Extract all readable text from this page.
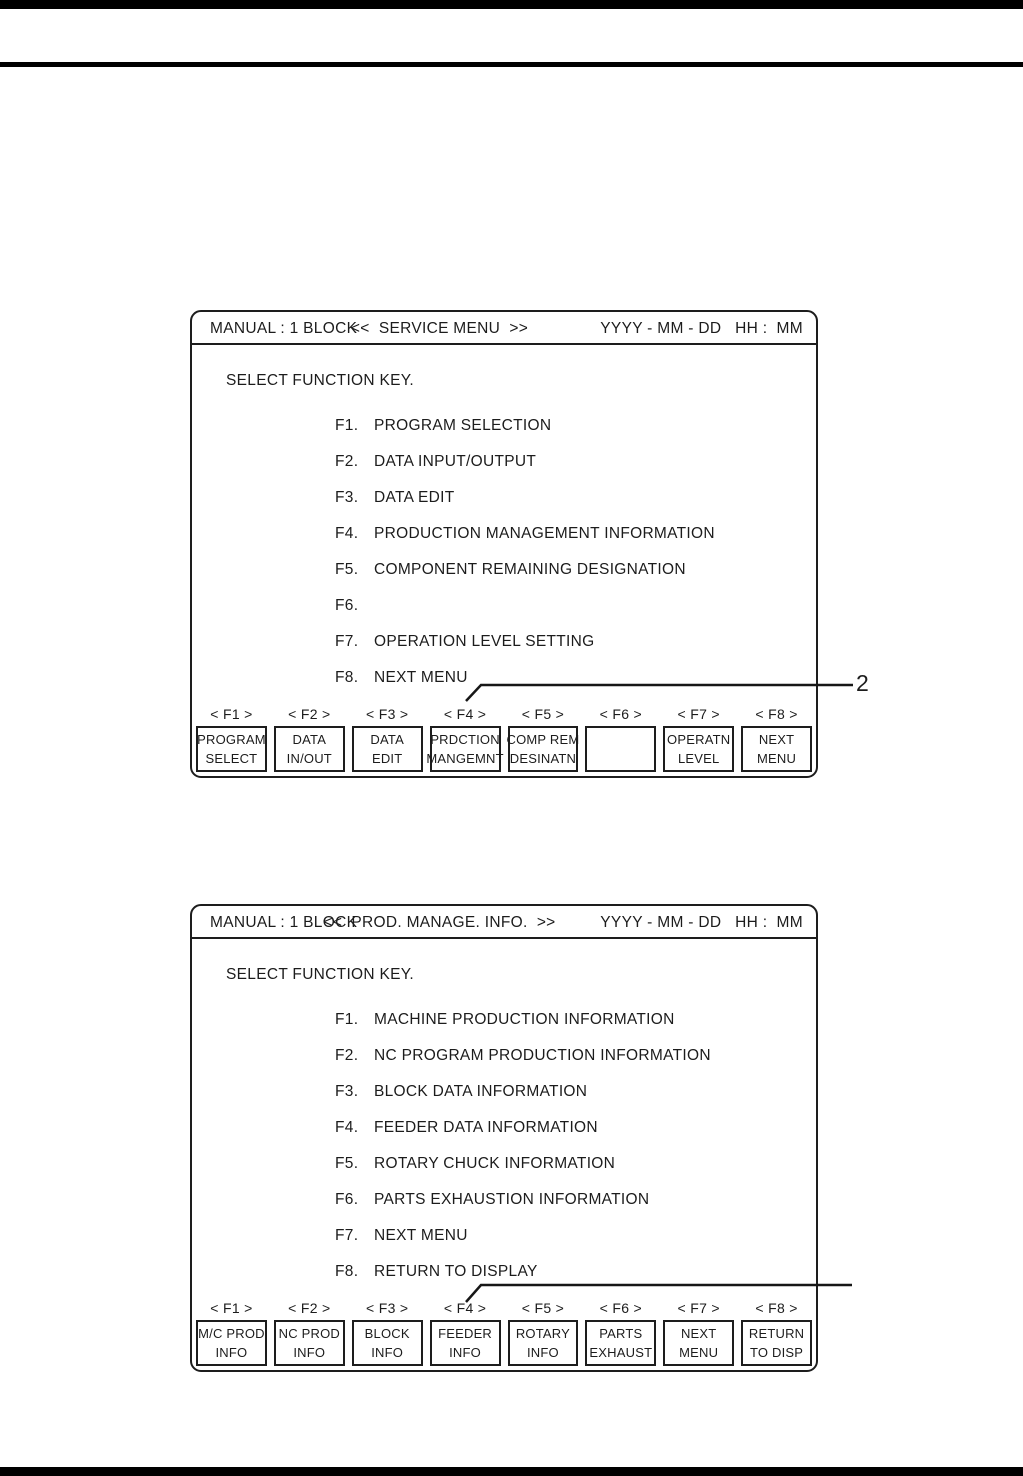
MANUAL : 1 BLOCK
<<  SERVICE MENU  >>	YYYY - MM - DD   HH :  MM
SELECT FUNCTION KEY.
F1.	PROGRAM SELECTION
F2.	DATA INPUT/OUTPUT
F3.	DATA EDIT
F4.	PRODUCTION MANAGEMENT INFORMATION
F5.	COMPONENT REMAINING DESIGNATION
F6.
F7.	OPERATION LEVEL SETTING
F8.	NEXT MENU
< F1 >
PROGRAM
SELECT
< F2 >
DATA
IN/OUT
< F3 >
DATA
EDIT
< F4 >
PRDCTION
MANGEMNT
< F5 >
COMP REM
DESINATN
< F6 >	< F7 >
OPERATN
LEVEL
< F8 >
NEXT
MENU
MANUAL : 1 BLOCK
<<  PROD. MANAGE. INFO.  >>	YYYY - MM - DD   HH :  MM
SELECT FUNCTION KEY.
F1.	MACHINE PRODUCTION INFORMATION
F2.	NC PROGRAM PRODUCTION INFORMATION
F3.	BLOCK DATA INFORMATION
F4.	FEEDER DATA INFORMATION
F5.	ROTARY CHUCK INFORMATION
F6.	PARTS EXHAUSTION INFORMATION
F7.	NEXT MENU
F8.	RETURN TO DISPLAY
< F1 >
M/C PROD
INFO
< F2 >
NC PROD
INFO
< F3 >
BLOCK
INFO
< F4 >
FEEDER
INFO
< F5 >
ROTARY
INFO
< F6 >
PARTS
EXHAUST
< F7 >
NEXT
MENU
< F8 >
RETURN
TO DISP
2
